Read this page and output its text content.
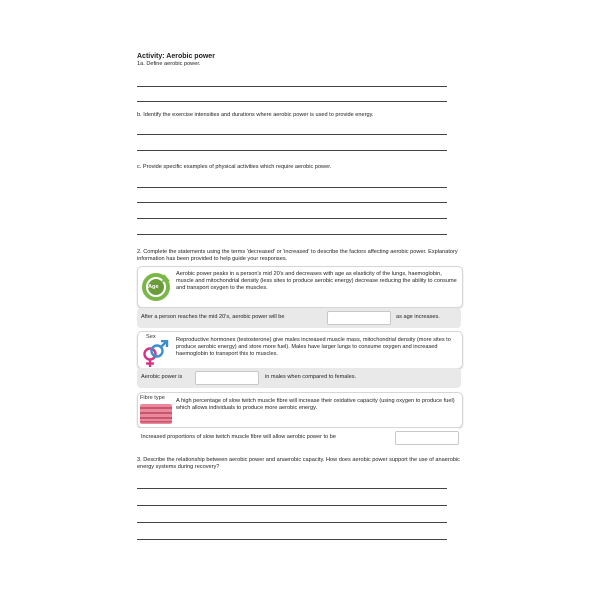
Activity: Aerobic power

1a. Define aerobic power.

b. Identify the exercise intensities and durations where aerobic power is used to provide energy.

c. Provide specific examples of physical activities which require aerobic power.

2. Complete the statements using the terms 'decreased' or 'increased' to describe the factors affecting aerobic power. Explanatory information has been provided to help guide your responses.

Age
Aerobic power peaks in a person's mid 20's and decreases with age as elasticity of the lungs, haemoglobin, muscle and mitochondrial density (less sites to produce aerobic energy) decrease reducing the ability to consume and transport oxygen to the muscles.
After a person reaches the mid 20's, aerobic power will be	as age increases.
Sex	Reproductive hormones (testosterone) give males increased muscle mass, mitochondrial density (more sites to produce aerobic energy) and store more fuel). Males have larger lungs to consume oxygen and increased haemoglobin to transport this to muscles.
Aerobic power is	in males when compared to females.
Fibre type A high percentage of slow twitch muscle fibre will increase their oxidative capacity (using oxygen to produce fuel) which allows individuals to produce more aerobic energy.
Increased proportions of slow twitch muscle fibre will allow aerobic power to be

3. Describe the relationship between aerobic power and anaerobic capacity. How does aerobic power support the use of anaerobic energy systems during recovery?
